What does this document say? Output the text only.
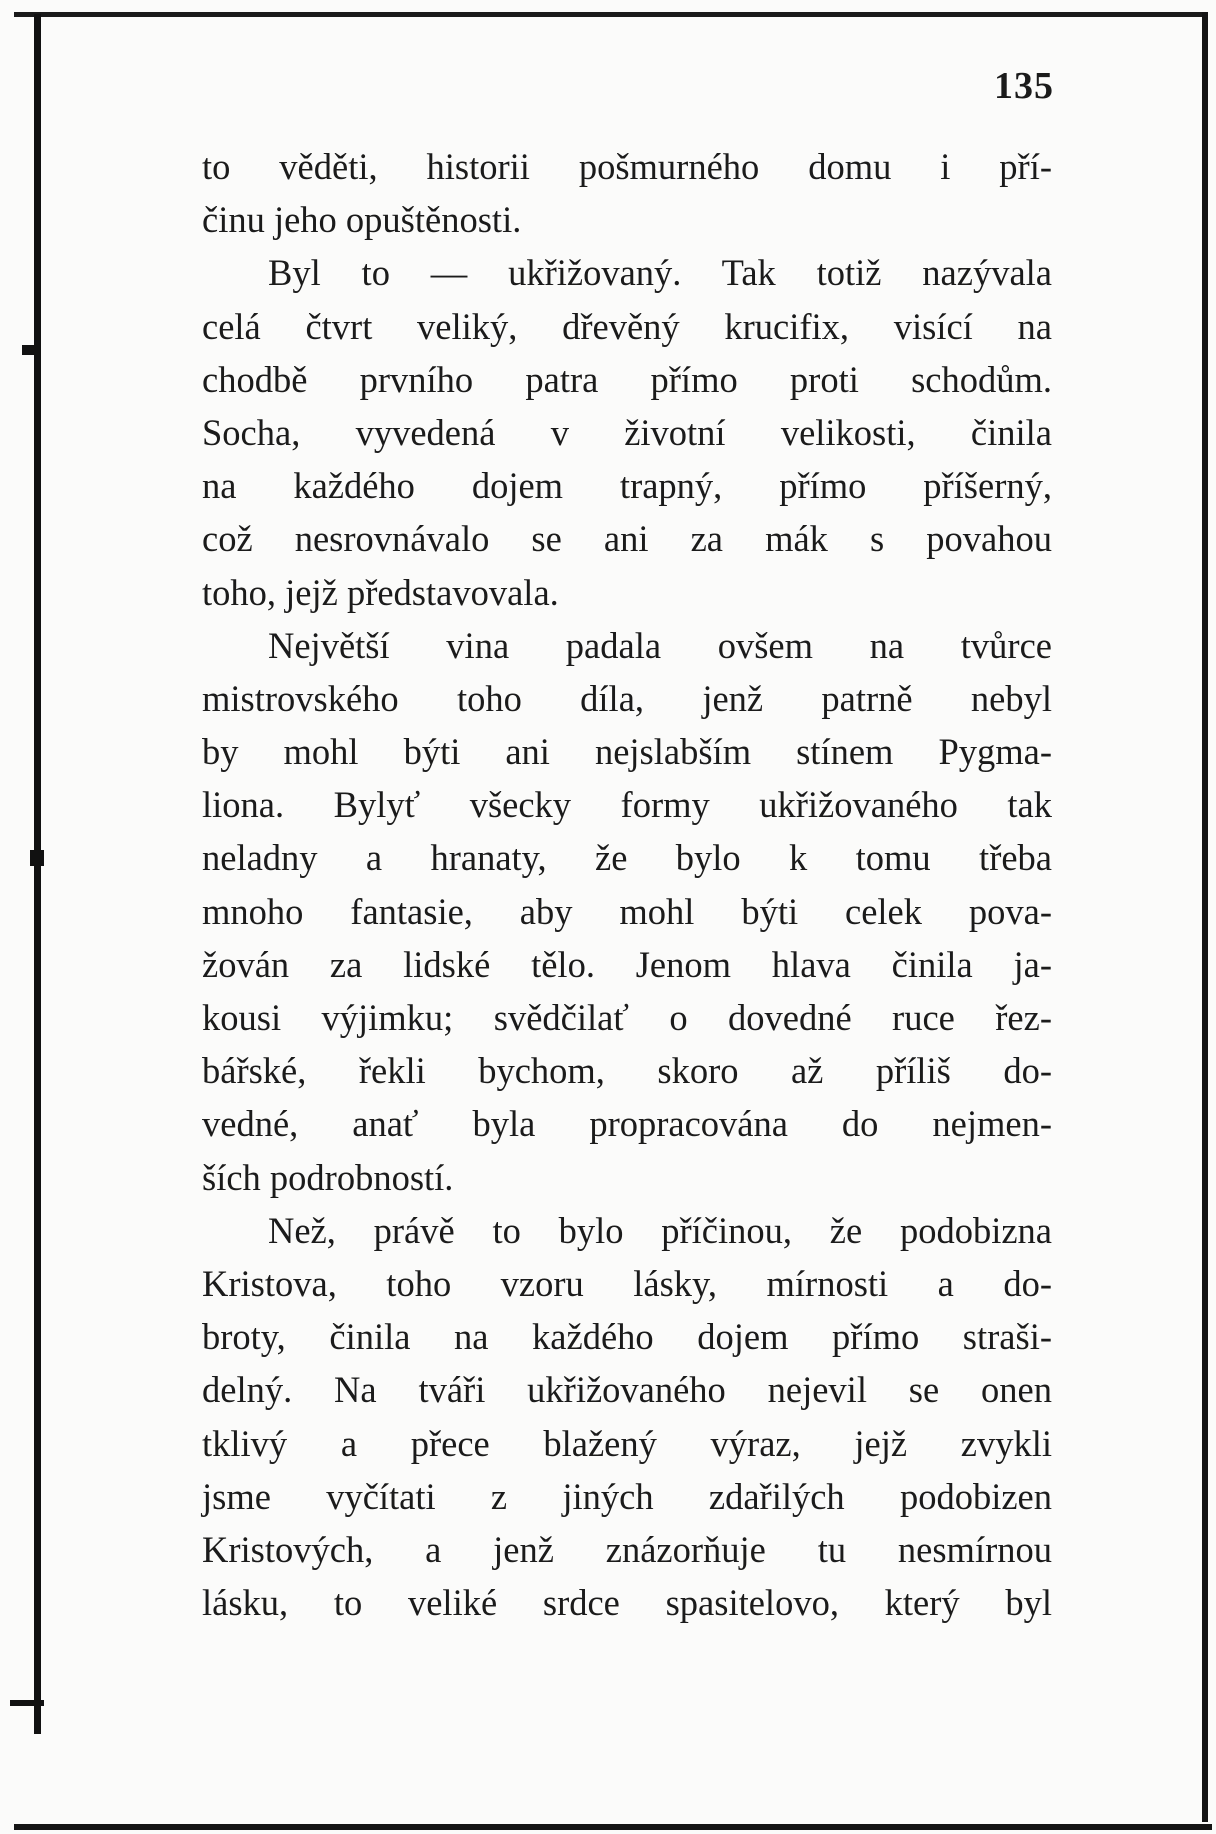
135
to věděti, historii pošmurného domu i pří-
činu jeho opuštěnosti.
Byl to — ukřižovaný. Tak totiž nazývala
celá čtvrt veliký, dřevěný krucifix, visící na
chodbě prvního patra přímo proti schodům.
Socha, vyvedená v životní velikosti, činila
na každého dojem trapný, přímo příšerný,
což nesrovnávalo se ani za mák s povahou
toho, jejž představovala.
Největší vina padala ovšem na tvůrce
mistrovského toho díla, jenž patrně nebyl
by mohl býti ani nejslabším stínem Pygma-
liona. Bylyť všecky formy ukřižovaného tak
neladny a hranaty, že bylo k tomu třeba
mnoho fantasie, aby mohl býti celek pova-
žován za lidské tělo. Jenom hlava činila ja-
kousi výjimku; svědčilať o dovedné ruce řez-
bářské, řekli bychom, skoro až příliš do-
vedné, anať byla propracována do nejmen-
ších podrobností.
Než, právě to bylo příčinou, že podobizna
Kristova, toho vzoru lásky, mírnosti a do-
broty, činila na každého dojem přímo straši-
delný. Na tváři ukřižovaného nejevil se onen
tklivý a přece blažený výraz, jejž zvykli
jsme vyčítati z jiných zdařilých podobizen
Kristových, a jenž znázorňuje tu nesmírnou
lásku, to veliké srdce spasitelovo, který byl
